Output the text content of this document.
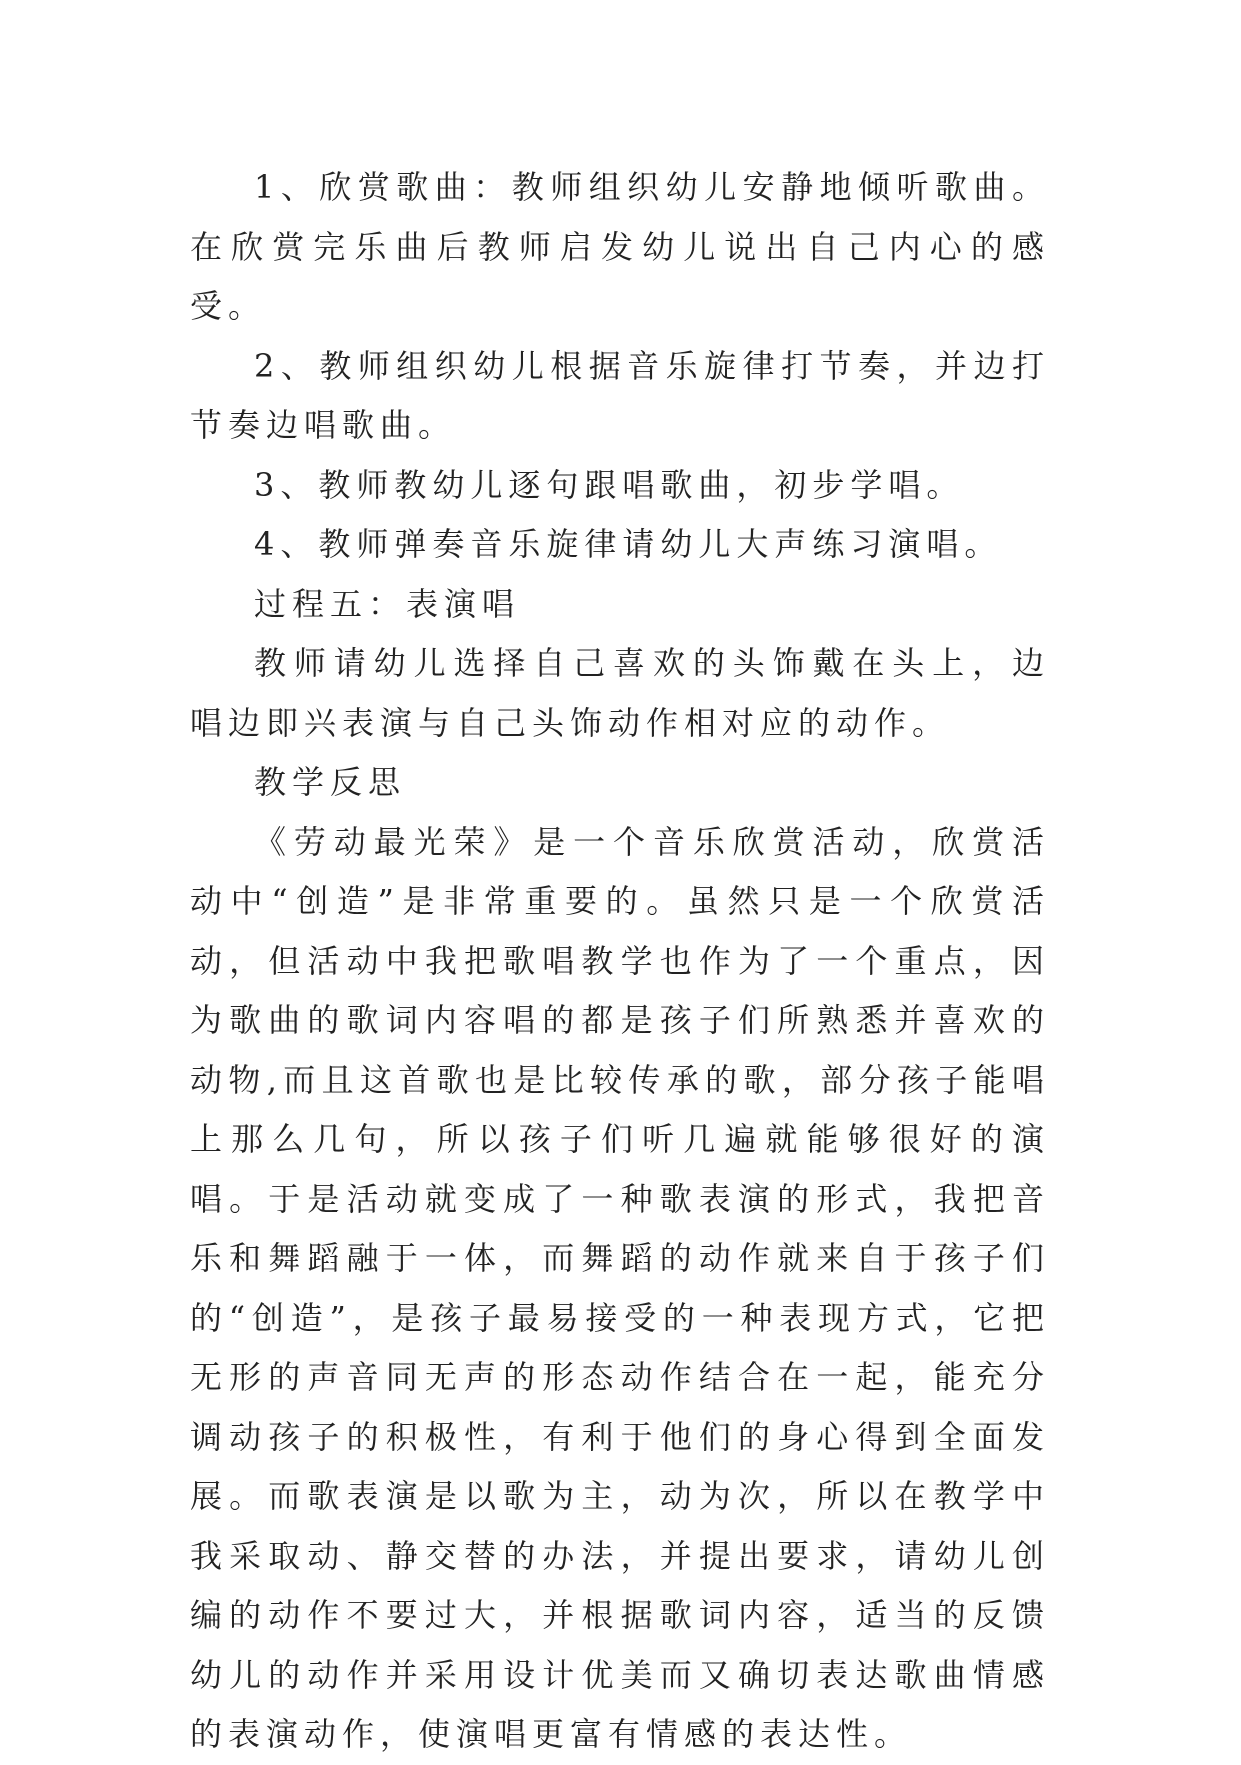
1、欣赏歌曲：教师组织幼儿安静地倾听歌曲。在欣赏完乐曲后教师启发幼儿说出自己内心的感受。

2、教师组织幼儿根据音乐旋律打节奏，并边打节奏边唱歌曲。

3、教师教幼儿逐句跟唱歌曲，初步学唱。

4、教师弹奏音乐旋律请幼儿大声练习演唱。

过程五：表演唱

教师请幼儿选择自己喜欢的头饰戴在头上，边唱边即兴表演与自己头饰动作相对应的动作。

教学反思

《劳动最光荣》是一个音乐欣赏活动，欣赏活动中“创造”是非常重要的。虽然只是一个欣赏活动，但活动中我把歌唱教学也作为了一个重点，因为歌曲的歌词内容唱的都是孩子们所熟悉并喜欢的动物,而且这首歌也是比较传承的歌，部分孩子能唱上那么几句，所以孩子们听几遍就能够很好的演唱。于是活动就变成了一种歌表演的形式，我把音乐和舞蹈融于一体，而舞蹈的动作就来自于孩子们的“创造”，是孩子最易接受的一种表现方式，它把无形的声音同无声的形态动作结合在一起，能充分调动孩子的积极性，有利于他们的身心得到全面发展。而歌表演是以歌为主，动为次，所以在教学中我采取动、静交替的办法，并提出要求，请幼儿创编的动作不要过大，并根据歌词内容，适当的反馈幼儿的动作并采用设计优美而又确切表达歌曲情感的表演动作，使演唱更富有情感的表达性。
